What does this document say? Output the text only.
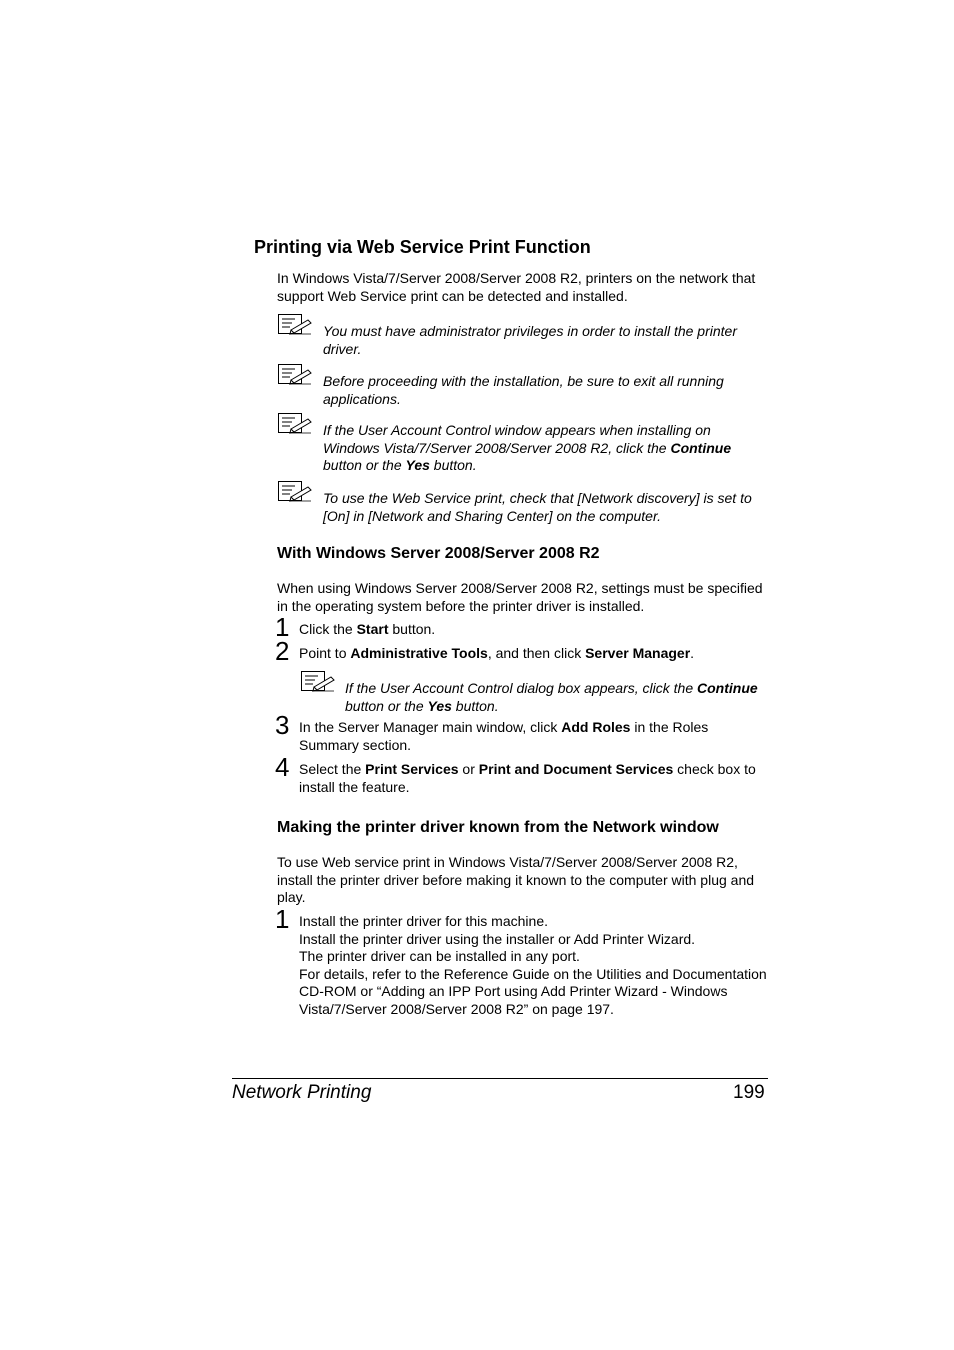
Printing via Web Service Print Function
In Windows Vista/7/Server 2008/Server 2008 R2, printers on the network that support Web Service print can be detected and installed.
You must have administrator privileges in order to install the printer driver.
Before proceeding with the installation, be sure to exit all running applications.
If the User Account Control window appears when installing on Windows Vista/7/Server 2008/Server 2008 R2, click the Continue button or the Yes button.
To use the Web Service print, check that [Network discovery] is set to [On] in [Network and Sharing Center] on the computer.
With Windows Server 2008/Server 2008 R2
When using Windows Server 2008/Server 2008 R2, settings must be specified in the operating system before the printer driver is installed.
1 Click the Start button.
2 Point to Administrative Tools, and then click Server Manager.
If the User Account Control dialog box appears, click the Continue button or the Yes button.
3 In the Server Manager main window, click Add Roles in the Roles Summary section.
4 Select the Print Services or Print and Document Services check box to install the feature.
Making the printer driver known from the Network window
To use Web service print in Windows Vista/7/Server 2008/Server 2008 R2, install the printer driver before making it known to the computer with plug and play.
1 Install the printer driver for this machine.
Install the printer driver using the installer or Add Printer Wizard.
The printer driver can be installed in any port.
For details, refer to the Reference Guide on the Utilities and Documentation CD-ROM or “Adding an IPP Port using Add Printer Wizard - Windows Vista/7/Server 2008/Server 2008 R2” on page 197.
Network Printing	199
